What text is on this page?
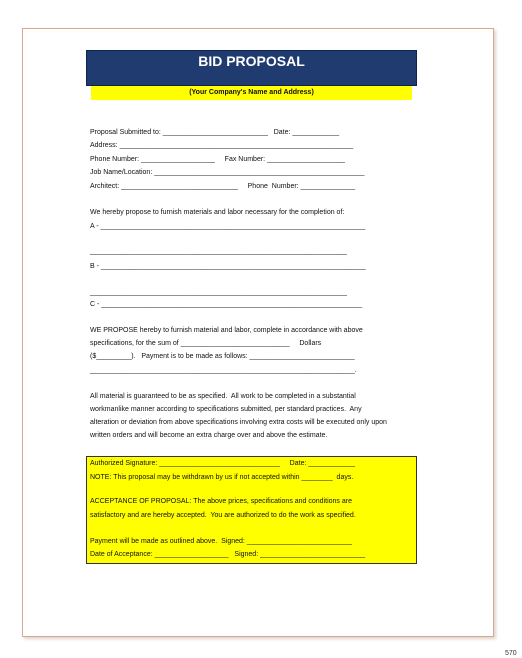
BID PROPOSAL
(Your Company's Name and Address)
Proposal Submitted to: ___________________________   Date: ____________
Address: ____________________________________________________________
Phone Number: ___________________     Fax Number: ____________________
Job Name/Location: ______________________________________________________
Architect: ______________________________     Phone  Number: ______________
We hereby propose to furnish materials and labor necessary for the completion of:
A - ____________________________________________________________________
__________________________________________________________________
B - ____________________________________________________________________
__________________________________________________________________
C - ___________________________________________________________________
WE PROPOSE hereby to furnish material and labor, complete in accordance with above
specifications, for the sum of ____________________________     Dollars
($_________).   Payment is to be made as follows: ___________________________
____________________________________________________________________.
All material is guaranteed to be as specified.  All work to be completed in a substantial
workmanlike manner according to specifications submitted, per standard practices.  Any
alteration or deviation from above specifications involving extra costs will be executed only upon
written orders and will become an extra charge over and above the estimate.
Authorized Signature: _______________________________     Date: ____________
NOTE: This proposal may be withdrawn by us if not accepted within ________  days.
ACCEPTANCE OF PROPOSAL: The above prices, specifications and conditions are
satisfactory and are hereby accepted.  You are authorized to do the work as specified.
Payment will be made as outlined above.  Signed: ___________________________
Date of Acceptance: ___________________   Signed: ___________________________
570
